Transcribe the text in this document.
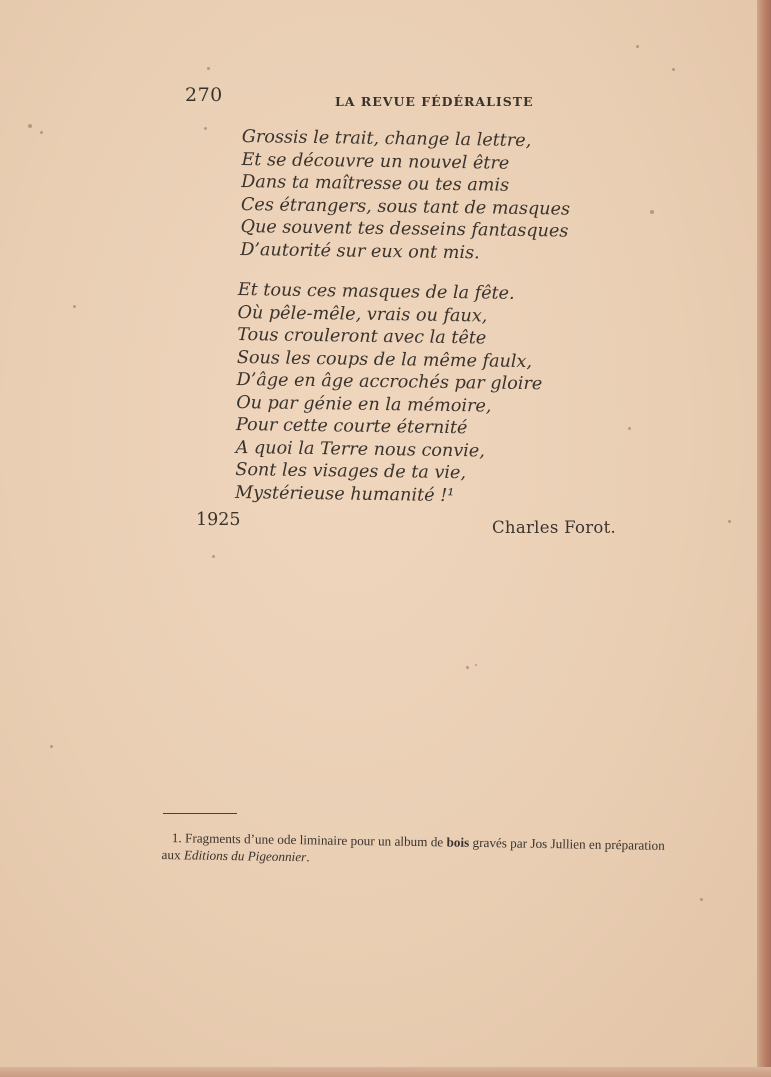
270	LA REVUE FÉDÉRALISTE
Grossis le trait, change la lettre,
Et se découvre un nouvel être
Dans ta maîtresse ou tes amis
Ces étrangers, sous tant de masques
Que souvent tes desseins fantasques
D’autorité sur eux ont mis.
Et tous ces masques de la fête.
Où pêle-mêle, vrais ou faux,
Tous crouleront avec la tête
Sous les coups de la même faulx,
D’âge en âge accrochés par gloire
Ou par génie en la mémoire,
Pour cette courte éternité
A quoi la Terre nous convie,
Sont les visages de ta vie,
Mystérieuse humanité !¹
1925	Charles Forot.
1. Fragments d’une ode liminaire pour un album de bois gravés par Jos Jullien en préparation aux Editions du Pigeonnier.
